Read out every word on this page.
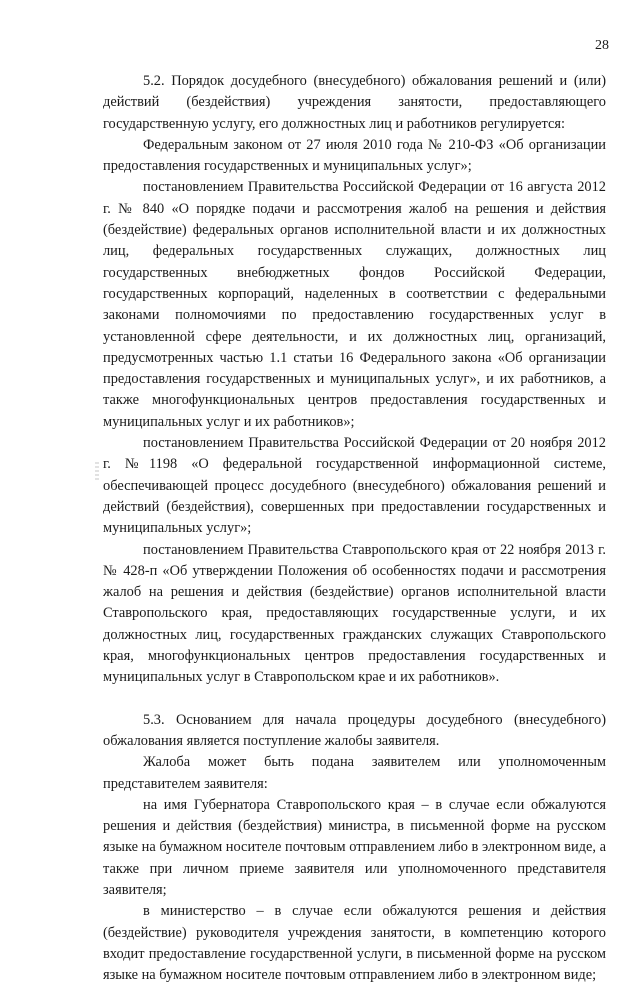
28

5.2. Порядок досудебного (внесудебного) обжалования решений и (или) действий (бездействия) учреждения занятости, предоставляющего государственную услугу, его должностных лиц и работников регулируется:

Федеральным законом от 27 июля 2010 года № 210-ФЗ «Об организации предоставления государственных и муниципальных услуг»;

постановлением Правительства Российской Федерации от 16 августа 2012 г. № 840 «О порядке подачи и рассмотрения жалоб на решения и действия (бездействие) федеральных органов исполнительной власти и их должностных лиц, федеральных государственных служащих, должностных лиц государственных внебюджетных фондов Российской Федерации, государственных корпораций, наделенных в соответствии с федеральными законами полномочиями по предоставлению государственных услуг в установленной сфере деятельности, и их должностных лиц, организаций, предусмотренных частью 1.1 статьи 16 Федерального закона «Об организации предоставления государственных и муниципальных услуг», и их работников, а также многофункциональных центров предоставления государственных и муниципальных услуг и их работников»;

постановлением Правительства Российской Федерации от 20 ноября 2012 г. №1198 «О федеральной государственной информационной системе, обеспечивающей процесс досудебного (внесудебного) обжалования решений и действий (бездействия), совершенных при предоставлении государственных и муниципальных услуг»;

постановлением Правительства Ставропольского края от 22 ноября 2013 г. № 428-п «Об утверждении Положения об особенностях подачи и рассмотрения жалоб на решения и действия (бездействие) органов исполнительной власти Ставропольского края, предоставляющих государственные услуги, и их должностных лиц, государственных гражданских служащих Ставропольского края, многофункциональных центров предоставления государственных и муниципальных услуг в Ставропольском крае и их работников».

5.3. Основанием для начала процедуры досудебного (внесудебного) обжалования является поступление жалобы заявителя.

Жалоба может быть подана заявителем или уполномоченным представителем заявителя:

на имя Губернатора Ставропольского края – в случае если обжалуются решения и действия (бездействия) министра, в письменной форме на русском языке на бумажном носителе почтовым отправлением либо в электронном виде, а также при личном приеме заявителя или уполномоченного представителя заявителя;

в министерство – в случае если обжалуются решения и действия (бездействие) руководителя учреждения занятости, в компетенцию которого входит предоставление государственной услуги, в письменной форме на русском языке на бумажном носителе почтовым отправлением либо в электронном виде;
